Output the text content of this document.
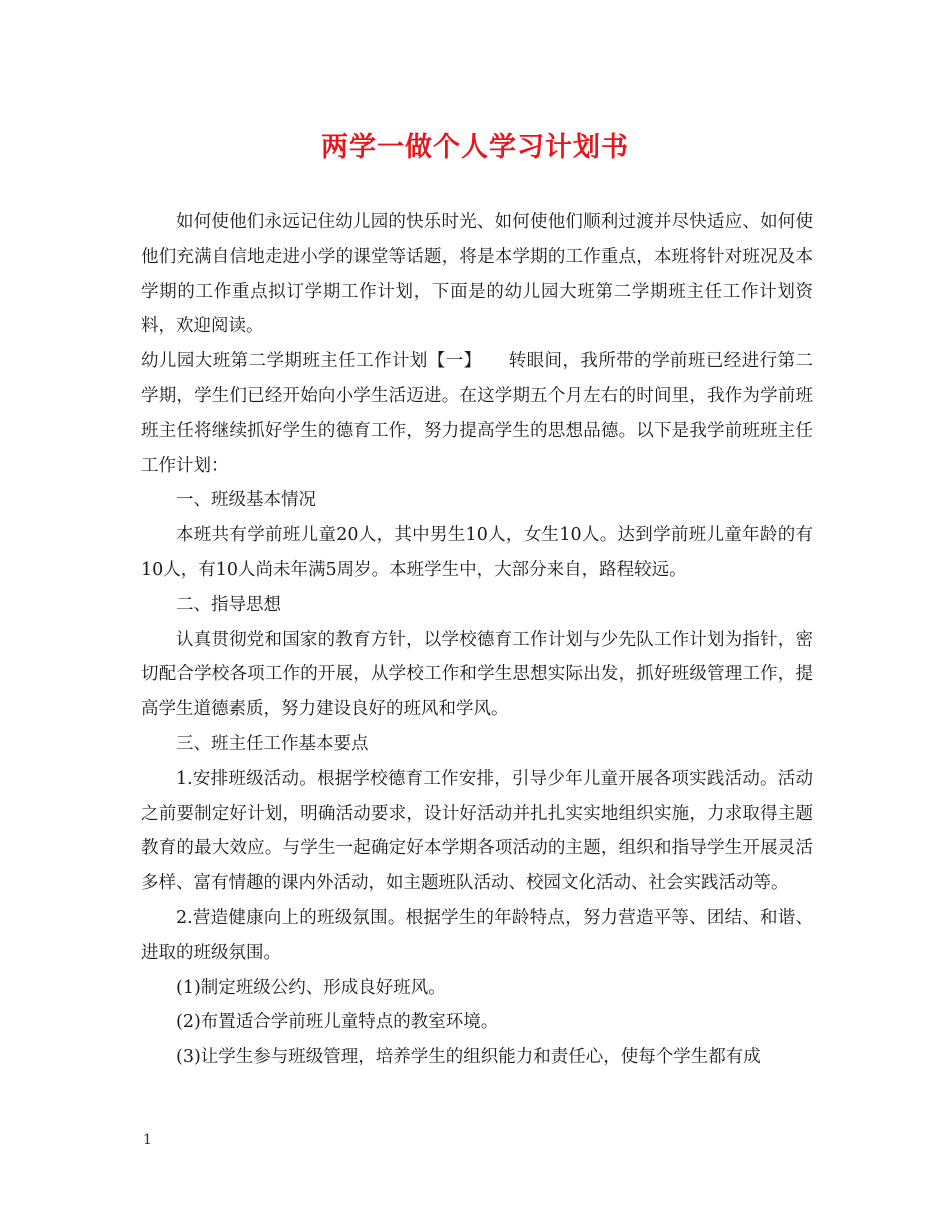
两学一做个人学习计划书

如何使他们永远记住幼儿园的快乐时光、如何使他们顺利过渡并尽快适应、如何使他们充满自信地走进小学的课堂等话题，将是本学期的工作重点，本班将针对班况及本学期的工作重点拟订学期工作计划，下面是的幼儿园大班第二学期班主任工作计划资料，欢迎阅读。

幼儿园大班第二学期班主任工作计划【一】　　转眼间，我所带的学前班已经进行第二学期，学生们已经开始向小学生活迈进。在这学期五个月左右的时间里，我作为学前班班主任将继续抓好学生的德育工作，努力提高学生的思想品德。以下是我学前班班主任工作计划：

一、班级基本情况

本班共有学前班儿童20人，其中男生10人，女生10人。达到学前班儿童年龄的有10人，有10人尚未年满5周岁。本班学生中，大部分来自，路程较远。

二、指导思想

认真贯彻党和国家的教育方针，以学校德育工作计划与少先队工作计划为指针，密切配合学校各项工作的开展，从学校工作和学生思想实际出发，抓好班级管理工作，提高学生道德素质，努力建设良好的班风和学风。

三、班主任工作基本要点

1.安排班级活动。根据学校德育工作安排，引导少年儿童开展各项实践活动。活动之前要制定好计划，明确活动要求，设计好活动并扎扎实实地组织实施，力求取得主题教育的最大效应。与学生一起确定好本学期各项活动的主题，组织和指导学生开展灵活多样、富有情趣的课内外活动，如主题班队活动、校园文化活动、社会实践活动等。

2.营造健康向上的班级氛围。根据学生的年龄特点，努力营造平等、团结、和谐、进取的班级氛围。

(1)制定班级公约、形成良好班风。

(2)布置适合学前班儿童特点的教室环境。

(3)让学生参与班级管理，培养学生的组织能力和责任心，使每个学生都有成

1
